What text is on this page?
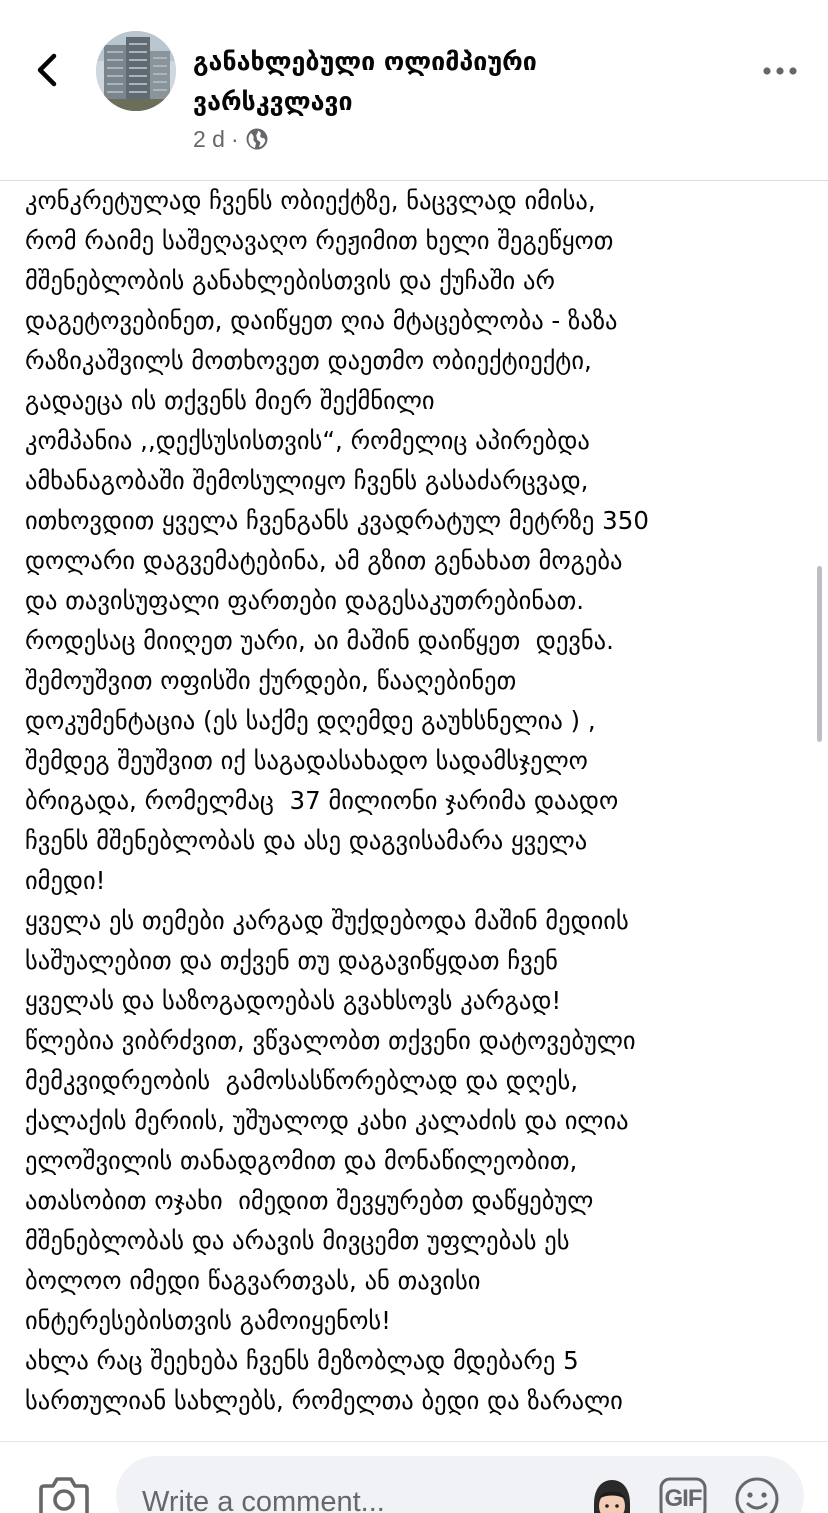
კონკრეტულად ჩვენს ობიექტზე, ნაცვლად იმისა,
რომ რაიმე საშეღავაღო რეჟიმით ხელი შეგეწყოთ
მშენებლობის განახლებისთვის და ქუჩაში არ
დაგეტოვებინეთ, დაიწყეთ ღია მტაცებლობა - ზაზა
რაზიკაშვილს მოთხოვეთ დაეთმო ობიექტიექტი,
გადაეცა ის თქვენს მიერ შექმნილი
კომპანია ,,დექსუსისთვის“, რომელიც აპირებდა
ამხანაგობაში შემოსულიყო ჩვენს გასაძარცვად,
ითხოვდით ყველა ჩვენგანს კვადრატულ მეტრზე 350
დოლარი დაგვემატებინა, ამ გზით გენახათ მოგება
და თავისუფალი ფართები დაგესაკუთრებინათ.
როდესაც მიიღეთ უარი, აი მაშინ დაიწყეთ  დევნა.
შემოუშვით ოფისში ქურდები, წააღებინეთ
დოკუმენტაცია (ეს საქმე დღემდე გაუხსნელია ) ,
შემდეგ შეუშვით იქ საგადასახადო სადამსჯელო
ბრიგადა, რომელმაც  37 მილიონი ჯარიმა დაადო
ჩვენს მშენებლობას და ასე დაგვისამარა ყველა
იმედი!
ყველა ეს თემები კარგად შუქდებოდა მაშინ მედიის
საშუალებით და თქვენ თუ დაგავიწყდათ ჩვენ
ყველას და საზოგადოებას გვახსოვს კარგად!
წლებია ვიბრძვით, ვწვალობთ თქვენი დატოვებული
მემკვიდრეობის  გამოსასწორებლად და დღეს,
ქალაქის მერიის, უშუალოდ კახი კალაძის და ილია
ელოშვილის თანადგომით და მონაწილეობით,
ათასობით ოჯახი  იმედით შევყურებთ დაწყებულ
მშენებლობას და არავის მივცემთ უფლებას ეს
ბოლოო იმედი წაგვართვას, ან თავისი
ინტერესებისთვის გამოიყენოს!
ახლა რაც შეეხება ჩვენს მეზობლად მდებარე 5
სართულიან სახლებს, რომელთა ბედი და ზარალი
განახლებული ოლიმპიური
ვარსკვლავი
2 d ·
Write a comment...	GIF
